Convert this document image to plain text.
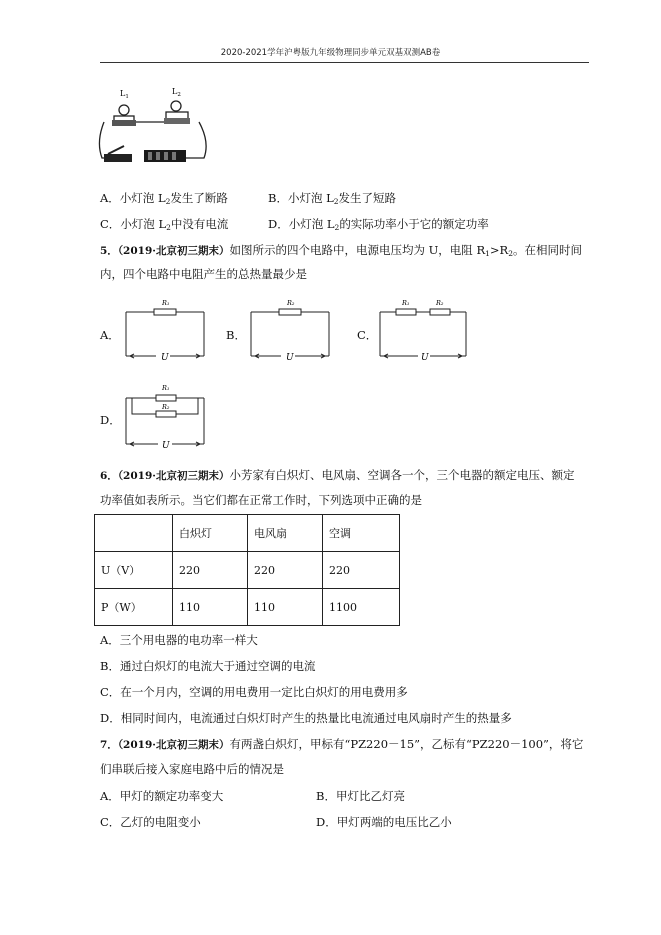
2020-2021学年沪粤版九年级物理同步单元双基双测AB卷
$L_1$
$L_2$
A．小灯泡 $L_2$发生了断路	B．小灯泡 $L_2$发生了短路
C．小灯泡 $L_2$中没有电流	D．小灯泡 $L_2$的实际功率小于它的额定功率
5．（2019·北京初三期末）如图所示的四个电路中，电源电压均为 U，电阻 $R_1>R_2$。在相同时间
内，四个电路中电阻产生的总热量最少是
A．
R₁
U
B．
R₂
U
C．
R₁	R₂
U
D．
R₁
R₂
U
6．（2019·北京初三期末）小芳家有白炽灯、电风扇、空调各一个，三个电器的额定电压、额定
功率值如表所示。当它们都在正常工作时，下列选项中正确的是
	白炽灯	电风扇	空调
U（V）	220	220	220
P（W）	110	110	1100
A．三个用电器的电功率一样大
B．通过白炽灯的电流大于通过空调的电流
C．在一个月内，空调的用电费用一定比白炽灯的用电费用多
D．相同时间内，电流通过白炽灯时产生的热量比电流通过电风扇时产生的热量多
7．（2019·北京初三期末）有两盏白炽灯，甲标有“PZ220－15”，乙标有“PZ220－100”，将它
们串联后接入家庭电路中后的情况是
A．甲灯的额定功率变大	B．甲灯比乙灯亮
C．乙灯的电阻变小	D．甲灯两端的电压比乙小
